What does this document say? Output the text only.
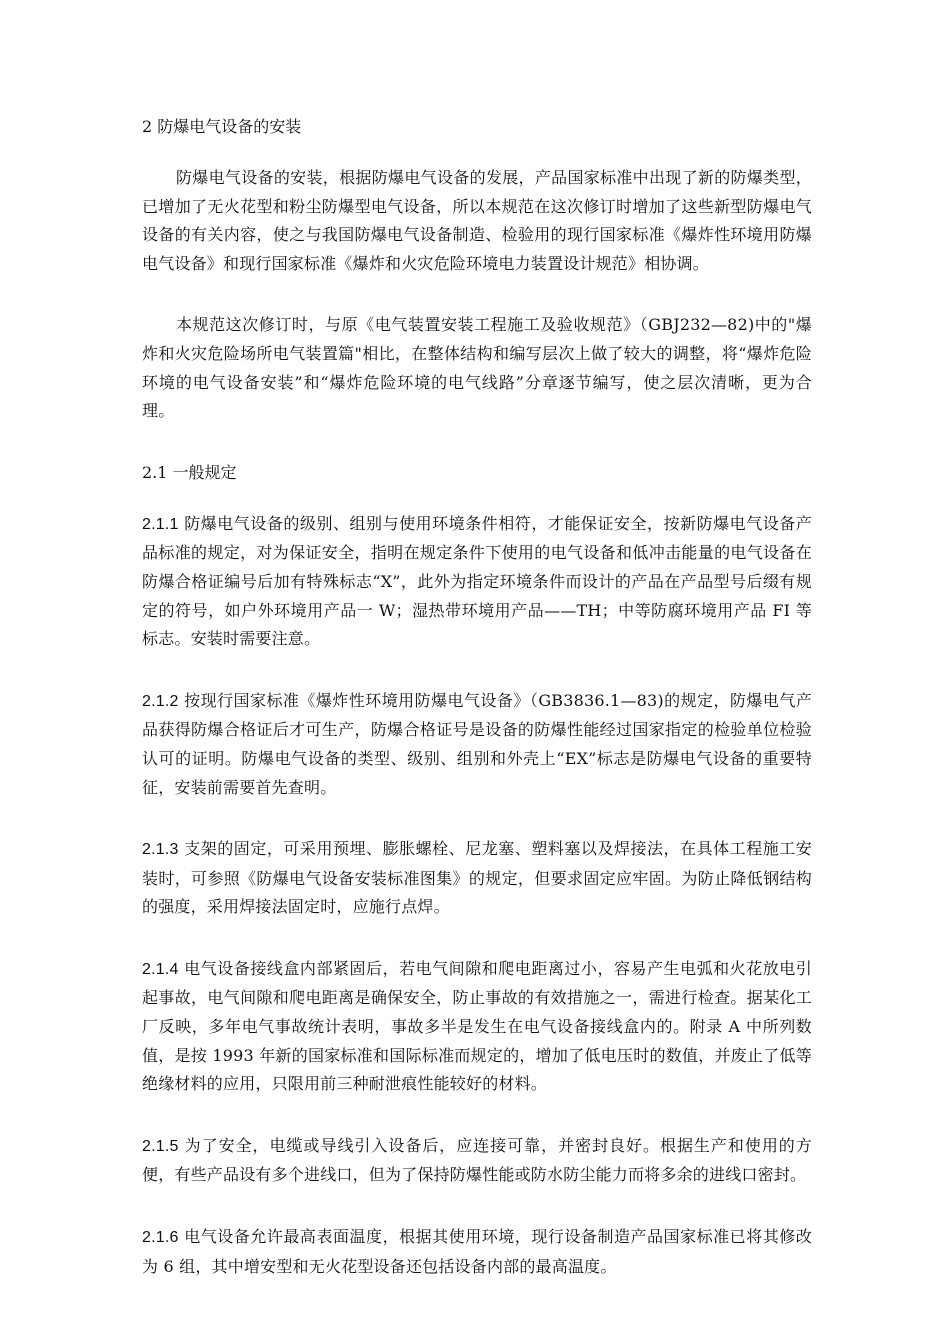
2 防爆电气设备的安装

防爆电气设备的安装，根据防爆电气设备的发展，产品国家标准中出现了新的防爆类型，已增加了无火花型和粉尘防爆型电气设备，所以本规范在这次修订时增加了这些新型防爆电气设备的有关内容，使之与我国防爆电气设备制造、检验用的现行国家标准《爆炸性环境用防爆电气设备》和现行国家标准《爆炸和火灾危险环境电力装置设计规范》相协调。

本规范这次修订时，与原《电气装置安装工程施工及验收规范》（GBJ232—82)中的"爆炸和火灾危险场所电气装置篇"相比，在整体结构和编写层次上做了较大的调整，将“爆炸危险环境的电气设备安装”和“爆炸危险环境的电气线路”分章逐节编写，使之层次清晰，更为合理。

2.1 一般规定

2.1.1 防爆电气设备的级别、组别与使用环境条件相符，才能保证安全，按新防爆电气设备产品标准的规定，对为保证安全，指明在规定条件下使用的电气设备和低冲击能量的电气设备在防爆合格证编号后加有特殊标志“X”，此外为指定环境条件而设计的产品在产品型号后缀有规定的符号，如户外环境用产品一 W；湿热带环境用产品——TH；中等防腐环境用产品 FI 等标志。安装时需要注意。

2.1.2 按现行国家标准《爆炸性环境用防爆电气设备》（GB3836.1—83)的规定，防爆电气产品获得防爆合格证后才可生产，防爆合格证号是设备的防爆性能经过国家指定的检验单位检验认可的证明。防爆电气设备的类型、级别、组别和外壳上“EX”标志是防爆电气设备的重要特征，安装前需要首先查明。

2.1.3 支架的固定，可采用预埋、膨胀螺栓、尼龙塞、塑料塞以及焊接法，在具体工程施工安装时，可参照《防爆电气设备安装标准图集》的规定，但要求固定应牢固。为防止降低钢结构的强度，采用焊接法固定时，应施行点焊。

2.1.4 电气设备接线盒内部紧固后，若电气间隙和爬电距离过小，容易产生电弧和火花放电引起事故，电气间隙和爬电距离是确保安全，防止事故的有效措施之一，需进行检查。据某化工厂反映，多年电气事故统计表明，事故多半是发生在电气设备接线盒内的。附录 A 中所列数值，是按 1993 年新的国家标准和国际标准而规定的，增加了低电压时的数值，并废止了低等绝缘材料的应用，只限用前三种耐泄痕性能较好的材料。

2.1.5 为了安全，电缆或导线引入设备后，应连接可靠，并密封良好。根据生产和使用的方便，有些产品设有多个进线口，但为了保持防爆性能或防水防尘能力而将多余的进线口密封。

2.1.6 电气设备允许最高表面温度，根据其使用环境，现行设备制造产品国家标准已将其修改为 6 组，其中增安型和无火花型设备还包括设备内部的最高温度。
